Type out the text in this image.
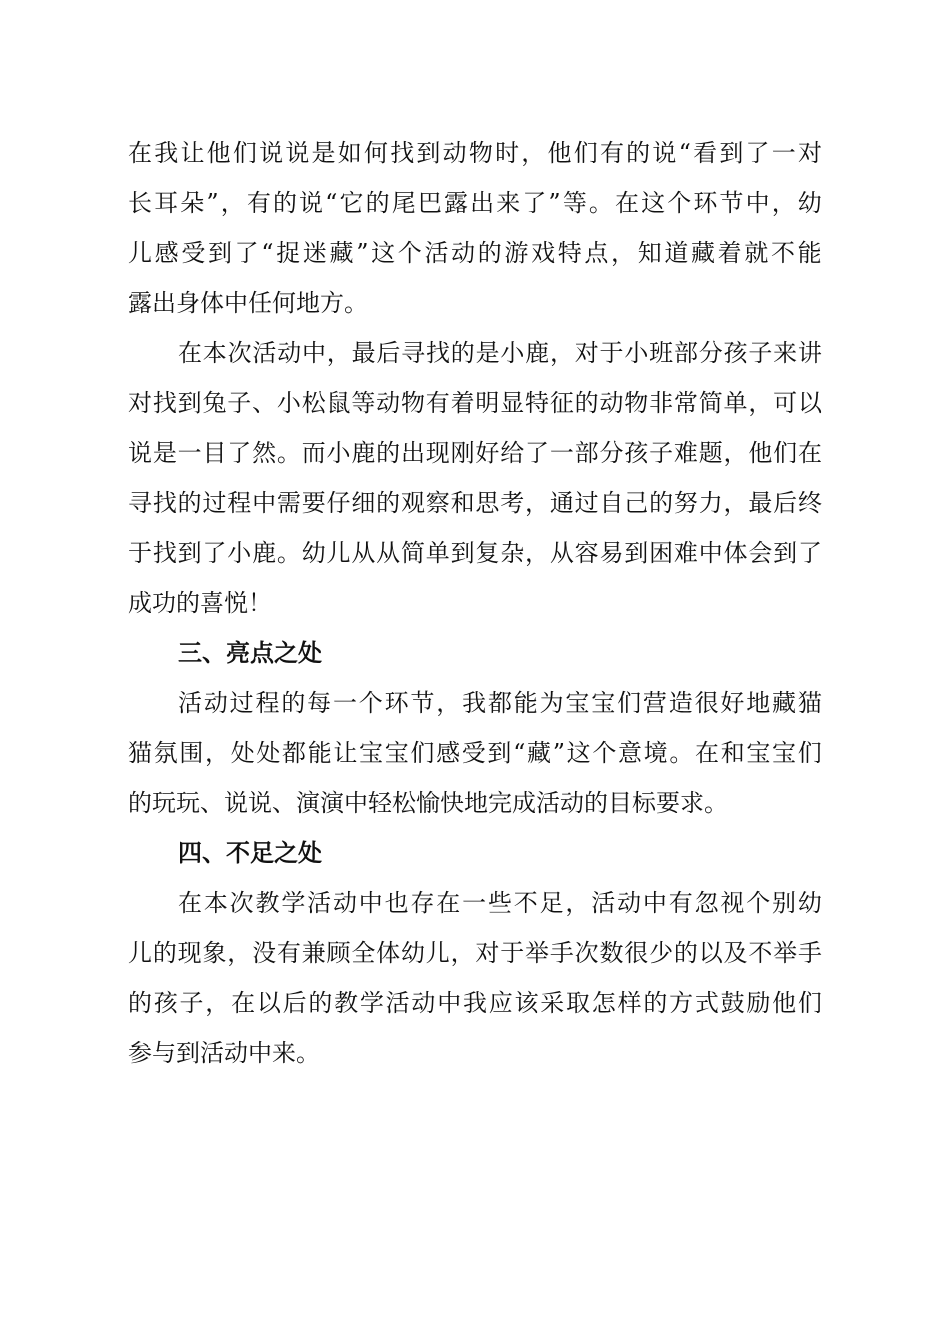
在 我 让 他 们 说 说 是 如 何 找 到 动 物 时 ， 他 们 有 的 说 “ 看 到 了 一 对
长 耳 朵 ” ， 有 的 说 “ 它 的 尾 巴 露 出 来 了 ” 等 。 在 这 个 环 节 中 ， 幼
儿 感 受 到 了 “ 捉 迷 藏 ” 这 个 活 动 的 游 戏 特 点 ， 知 道 藏 着 就 不 能
露出身体中任何地方。
在 本 次 活 动 中 ， 最 后 寻 找 的 是 小 鹿 ， 对 于 小 班 部 分 孩 子 来 讲
对 找 到 兔 子 、 小 松 鼠 等 动 物 有 着 明 显 特 征 的 动 物 非 常 简 单 ， 可 以
说 是 一 目 了 然 。 而 小 鹿 的 出 现 刚 好 给 了 一 部 分 孩 子 难 题 ， 他 们 在
寻 找 的 过 程 中 需 要 仔 细 的 观 察 和 思 考 ， 通 过 自 己 的 努 力 ， 最 后 终
于 找 到 了 小 鹿 。 幼 儿 从 从 简 单 到 复 杂 ， 从 容 易 到 困 难 中 体 会 到 了
成功的喜悦！
三、亮点之处
活 动 过 程 的 每 一 个 环 节 ， 我 都 能 为 宝 宝 们 营 造 很 好 地 藏 猫
猫 氛 围 ， 处 处 都 能 让 宝 宝 们 感 受 到 “ 藏 ” 这 个 意 境 。 在 和 宝 宝 们
的玩玩、说说、演演中轻松愉快地完成活动的目标要求。
四、不足之处
在 本 次 教 学 活 动 中 也 存 在 一 些 不 足 ， 活 动 中 有 忽 视 个 别 幼
儿 的 现 象 ， 没 有 兼 顾 全 体 幼 儿 ， 对 于 举 手 次 数 很 少 的 以 及 不 举 手
的 孩 子 ， 在 以 后 的 教 学 活 动 中 我 应 该 采 取 怎 样 的 方 式 鼓 励 他 们
参与到活动中来。
